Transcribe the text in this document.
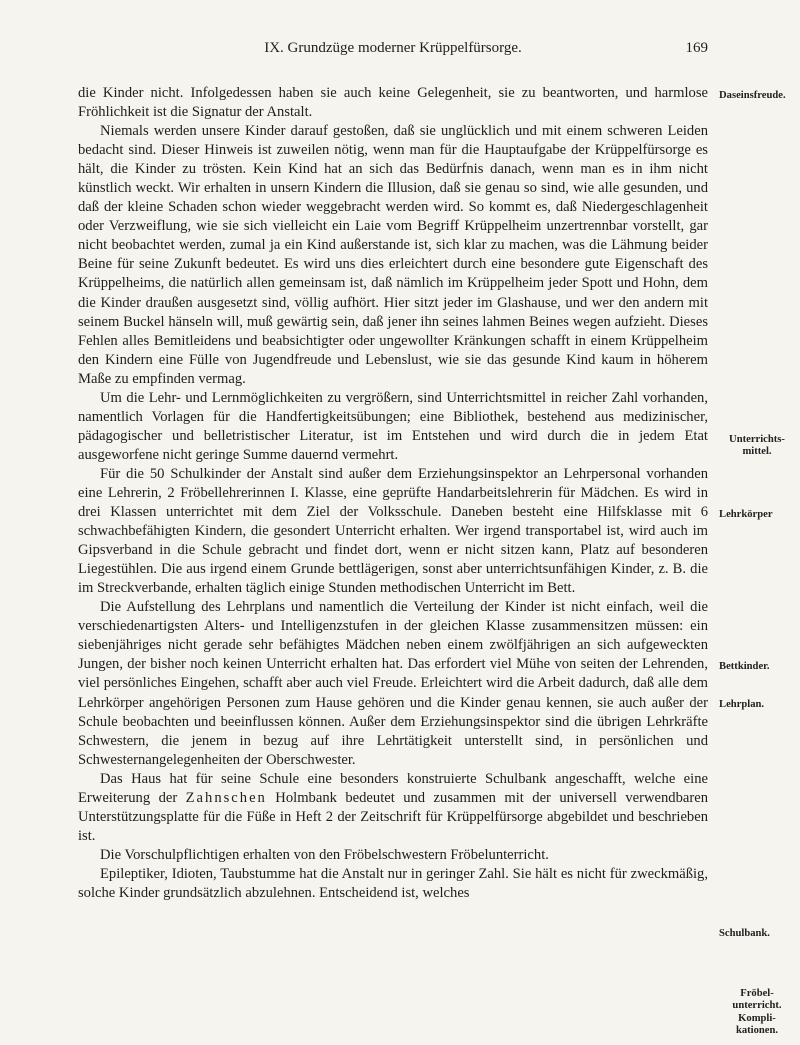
IX. Grundzüge moderner Krüppelfürsorge.	169

die Kinder nicht. Infolgedessen haben sie auch keine Gelegenheit, sie zu beantworten, und harmlose Fröhlichkeit ist die Signatur der Anstalt.

Niemals werden unsere Kinder darauf gestoßen, daß sie unglücklich und mit einem schweren Leiden bedacht sind. Dieser Hinweis ist zuweilen nötig, wenn man für die Hauptaufgabe der Krüppelfürsorge es hält, die Kinder zu trösten. Kein Kind hat an sich das Bedürfnis danach, wenn man es in ihm nicht künstlich weckt. Wir erhalten in unsern Kindern die Illusion, daß sie genau so sind, wie alle gesunden, und daß der kleine Schaden schon wieder weggebracht werden wird. So kommt es, daß Niedergeschlagenheit oder Verzweiflung, wie sie sich vielleicht ein Laie vom Begriff Krüppelheim unzertrennbar vorstellt, gar nicht beobachtet werden, zumal ja ein Kind außerstande ist, sich klar zu machen, was die Lähmung beider Beine für seine Zukunft bedeutet. Es wird uns dies erleichtert durch eine besondere gute Eigenschaft des Krüppelheims, die natürlich allen gemeinsam ist, daß nämlich im Krüppelheim jeder Spott und Hohn, dem die Kinder draußen ausgesetzt sind, völlig aufhört. Hier sitzt jeder im Glashause, und wer den andern mit seinem Buckel hänseln will, muß gewärtig sein, daß jener ihn seines lahmen Beines wegen aufzieht. Dieses Fehlen alles Bemitleidens und beabsichtigter oder ungewollter Kränkungen schafft in einem Krüppelheim den Kindern eine Fülle von Jugendfreude und Lebenslust, wie sie das gesunde Kind kaum in höherem Maße zu empfinden vermag.

Um die Lehr- und Lernmöglichkeiten zu vergrößern, sind Unterrichtsmittel in reicher Zahl vorhanden, namentlich Vorlagen für die Handfertigkeitsübungen; eine Bibliothek, bestehend aus medizinischer, pädagogischer und belletristischer Literatur, ist im Entstehen und wird durch die in jedem Etat ausgeworfene nicht geringe Summe dauernd vermehrt.

Für die 50 Schulkinder der Anstalt sind außer dem Erziehungsinspektor an Lehrpersonal vorhanden eine Lehrerin, 2 Fröbellehrerinnen I. Klasse, eine geprüfte Handarbeitslehrerin für Mädchen. Es wird in drei Klassen unterrichtet mit dem Ziel der Volksschule. Daneben besteht eine Hilfsklasse mit 6 schwachbefähigten Kindern, die gesondert Unterricht erhalten. Wer irgend transportabel ist, wird auch im Gipsverband in die Schule gebracht und findet dort, wenn er nicht sitzen kann, Platz auf besonderen Liegestühlen. Die aus irgend einem Grunde bettlägerigen, sonst aber unterrichtsunfähigen Kinder, z. B. die im Streckverbande, erhalten täglich einige Stunden methodischen Unterricht im Bett.

Die Aufstellung des Lehrplans und namentlich die Verteilung der Kinder ist nicht einfach, weil die verschiedenartigsten Alters- und Intelligenzstufen in der gleichen Klasse zusammensitzen müssen: ein siebenjähriges nicht gerade sehr befähigtes Mädchen neben einem zwölfjährigen an sich aufgeweckten Jungen, der bisher noch keinen Unterricht erhalten hat. Das erfordert viel Mühe von seiten der Lehrenden, viel persönliches Eingehen, schafft aber auch viel Freude. Erleichtert wird die Arbeit dadurch, daß alle dem Lehrkörper angehörigen Personen zum Hause gehören und die Kinder genau kennen, sie auch außer der Schule beobachten und beeinflussen können. Außer dem Erziehungsinspektor sind die übrigen Lehrkräfte Schwestern, die jenem in bezug auf ihre Lehrtätigkeit unterstellt sind, in persönlichen und Schwesternangelegenheiten der Oberschwester.

Das Haus hat für seine Schule eine besonders konstruierte Schulbank angeschafft, welche eine Erweiterung der Zahnschen Holmbank bedeutet und zusammen mit der universell verwendbaren Unterstützungsplatte für die Füße in Heft 2 der Zeitschrift für Krüppelfürsorge abgebildet und beschrieben ist.

Die Vorschulpflichtigen erhalten von den Fröbelschwestern Fröbelunterricht.

Epileptiker, Idioten, Taubstumme hat die Anstalt nur in geringer Zahl. Sie hält es nicht für zweckmäßig, solche Kinder grundsätzlich abzulehnen. Entscheidend ist, welches

Daseinsfreude.
Unterrichts-mittel.
Lehrkörper
Bettkinder.
Lehrplan.
Schulbank.
Fröbel-unterricht.
Kompli-kationen.
